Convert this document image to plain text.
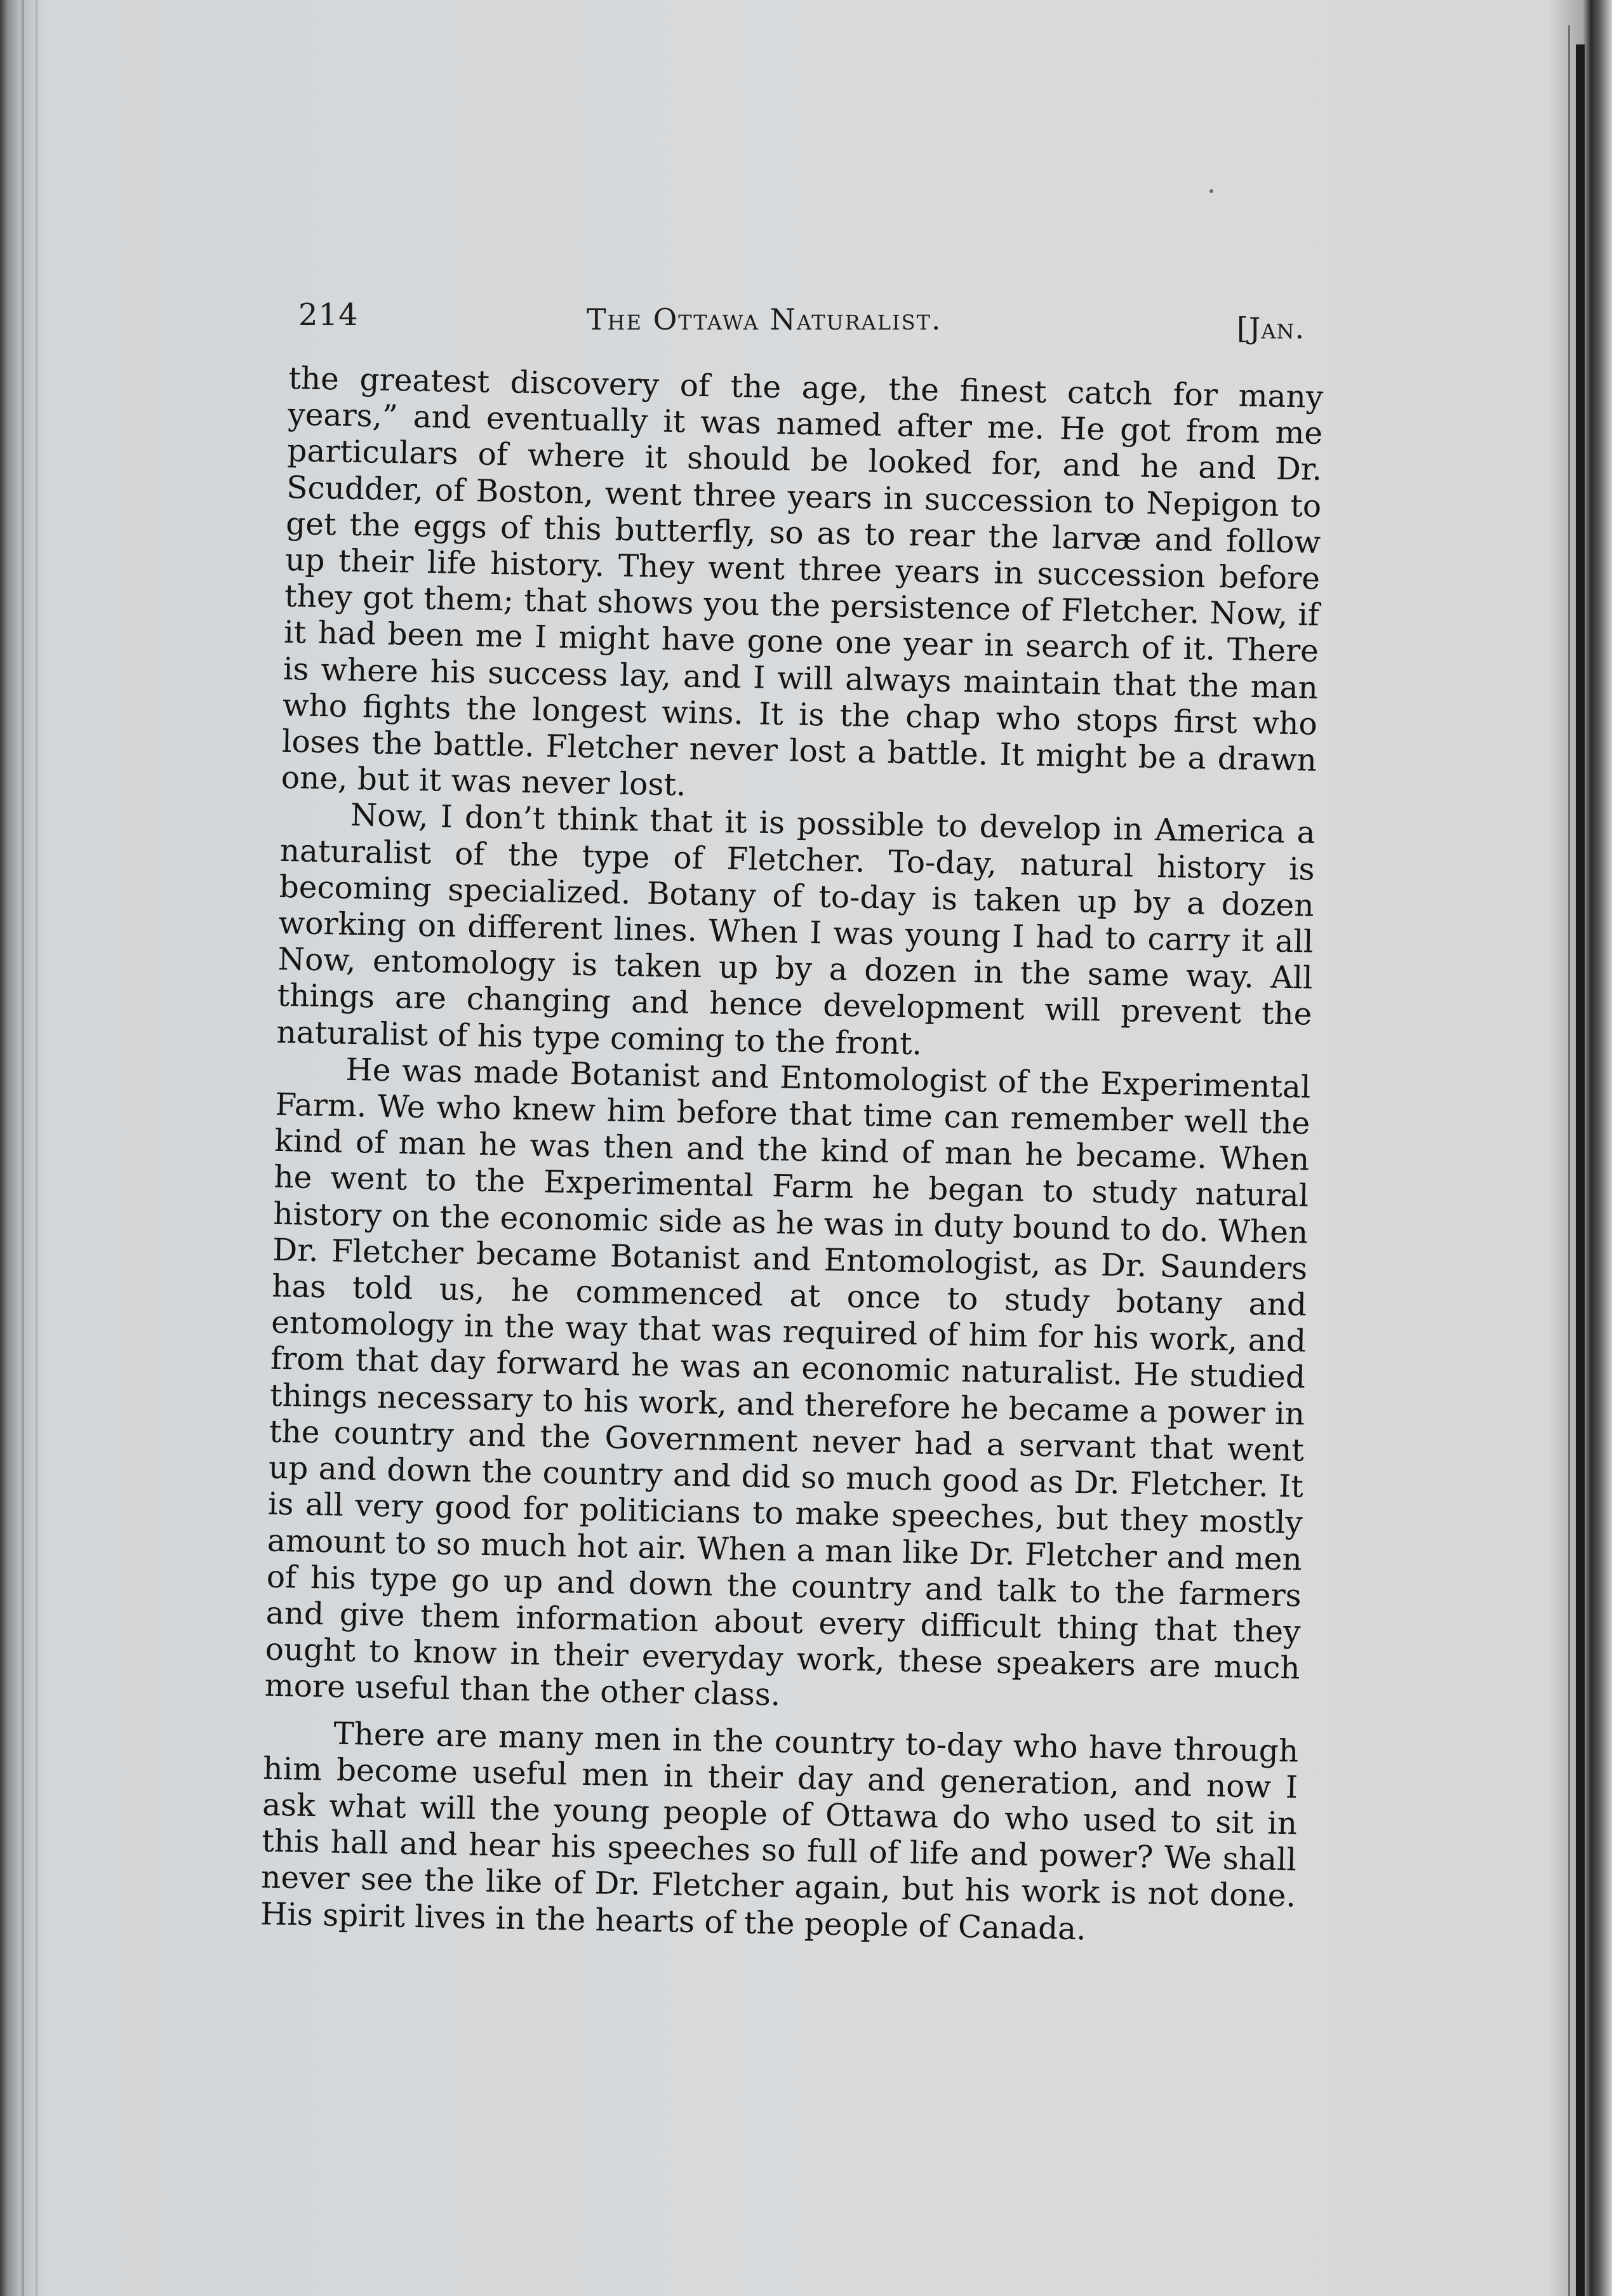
214	The Ottawa Naturalist.	[Jan.

the greatest discovery of the age, the finest catch for many years,” and eventually it was named after me. He got from me particulars of where it should be looked for, and he and Dr. Scudder, of Boston, went three years in succession to Nepigon to get the eggs of this butterfly, so as to rear the larvæ and follow up their life history. They went three years in succession before they got them; that shows you the persistence of Fletcher. Now, if it had been me I might have gone one year in search of it. There is where his success lay, and I will always maintain that the man who fights the longest wins. It is the chap who stops first who loses the battle. Fletcher never lost a battle. It might be a drawn one, but it was never lost.

Now, I don’t think that it is possible to develop in America a naturalist of the type of Fletcher. To-day, natural history is becoming specialized. Botany of to-day is taken up by a dozen working on different lines. When I was young I had to carry it all Now, entomology is taken up by a dozen in the same way. All things are changing and hence development will prevent the naturalist of his type coming to the front.

He was made Botanist and Entomologist of the Experimental Farm. We who knew him before that time can remember well the kind of man he was then and the kind of man he became. When he went to the Experimental Farm he began to study natural history on the economic side as he was in duty bound to do. When Dr. Fletcher became Botanist and Entomologist, as Dr. Saunders has told us, he commenced at once to study botany and entomology in the way that was required of him for his work, and from that day forward he was an economic naturalist. He studied things necessary to his work, and therefore he became a power in the country and the Government never had a servant that went up and down the country and did so much good as Dr. Fletcher. It is all very good for politicians to make speeches, but they mostly amount to so much hot air. When a man like Dr. Fletcher and men of his type go up and down the country and talk to the farmers and give them information about every difficult thing that they ought to know in their everyday work, these speakers are much more useful than the other class.

There are many men in the country to-day who have through him become useful men in their day and generation, and now I ask what will the young people of Ottawa do who used to sit in this hall and hear his speeches so full of life and power? We shall never see the like of Dr. Fletcher again, but his work is not done. His spirit lives in the hearts of the people of Canada.
